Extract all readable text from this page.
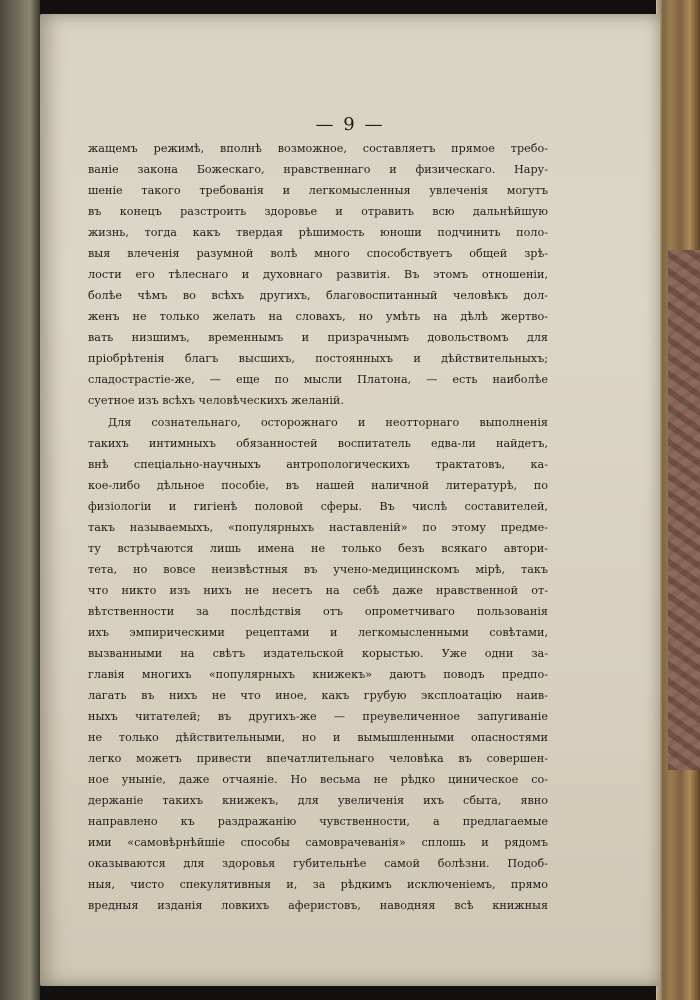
— 9 —
жащемъ режимѣ, вполнѣ возможное, составляетъ прямое требо-
ваніе закона Божескаго, нравственнаго и физическаго. Нару-
шеніе такого требованія и легкомысленныя увлеченія могутъ
въ конецъ разстроить здоровье и отравить всю дальнѣйшую
жизнь, тогда какъ твердая рѣшимость юноши подчинить поло-
выя влеченія разумной волѣ много способствуетъ общей зрѣ-
лости его тѣлеснаго и духовнаго развитія. Въ этомъ отношеніи,
болѣе чѣмъ во всѣхъ другихъ, благовоспитанный человѣкъ дол-
женъ не только желать на словахъ, но умѣть на дѣлѣ жертво-
вать низшимъ, временнымъ и призрачнымъ довольствомъ для
пріобрѣтенія благъ высшихъ, постоянныхъ и дѣйствительныхъ;
сладострастіе-же, — еще по мысли Платона, — есть наиболѣе
суетное изъ всѣхъ человѣческихъ желаній.
Для сознательнаго, осторожнаго и неотторнаго выполненія
такихъ интимныхъ обязанностей воспитатель едва-ли найдетъ,
внѣ спеціально-научныхъ антропологическихъ трактатовъ, ка-
кое-либо дѣльное пособіе, въ нашей наличной литературѣ, по
физіологіи и гигіенѣ половой сферы. Въ числѣ составителей,
такъ называемыхъ, «популярныхъ наставленій» по этому предме-
ту встрѣчаются лишь имена не только безъ всякаго автори-
тета, но вовсе неизвѣстныя въ учено-медицинскомъ мірѣ, такъ
что никто изъ нихъ не несетъ на себѣ даже нравственной от-
вѣтственности за послѣдствія отъ опрометчиваго пользованія
ихъ эмпирическими рецептами и легкомысленными совѣтами,
вызванными на свѣтъ издательской корыстью. Уже одни за-
главія многихъ «популярныхъ книжекъ» даютъ поводъ предпо-
лагать въ нихъ не что иное, какъ грубую эксплоатацію наив-
ныхъ читателей; въ другихъ-же — преувеличенное запугиваніе
не только дѣйствительными, но и вымышленными опасностями
легко можетъ привести впечатлительнаго человѣка въ совершен-
ное уныніе, даже отчаяніе. Но весьма не рѣдко циническое со-
держаніе такихъ книжекъ, для увеличенія ихъ сбыта, явно
направлено къ раздражанію чувственности, а предлагаемые
ими «самовѣрнѣйшіе способы самоврачеванія» сплошь и рядомъ
оказываются для здоровья губительнѣе самой болѣзни. Подоб-
ныя, чисто спекулятивныя и, за рѣдкимъ исключеніемъ, прямо
вредныя изданія ловкихъ аферистовъ, наводняя всѣ книжныя
